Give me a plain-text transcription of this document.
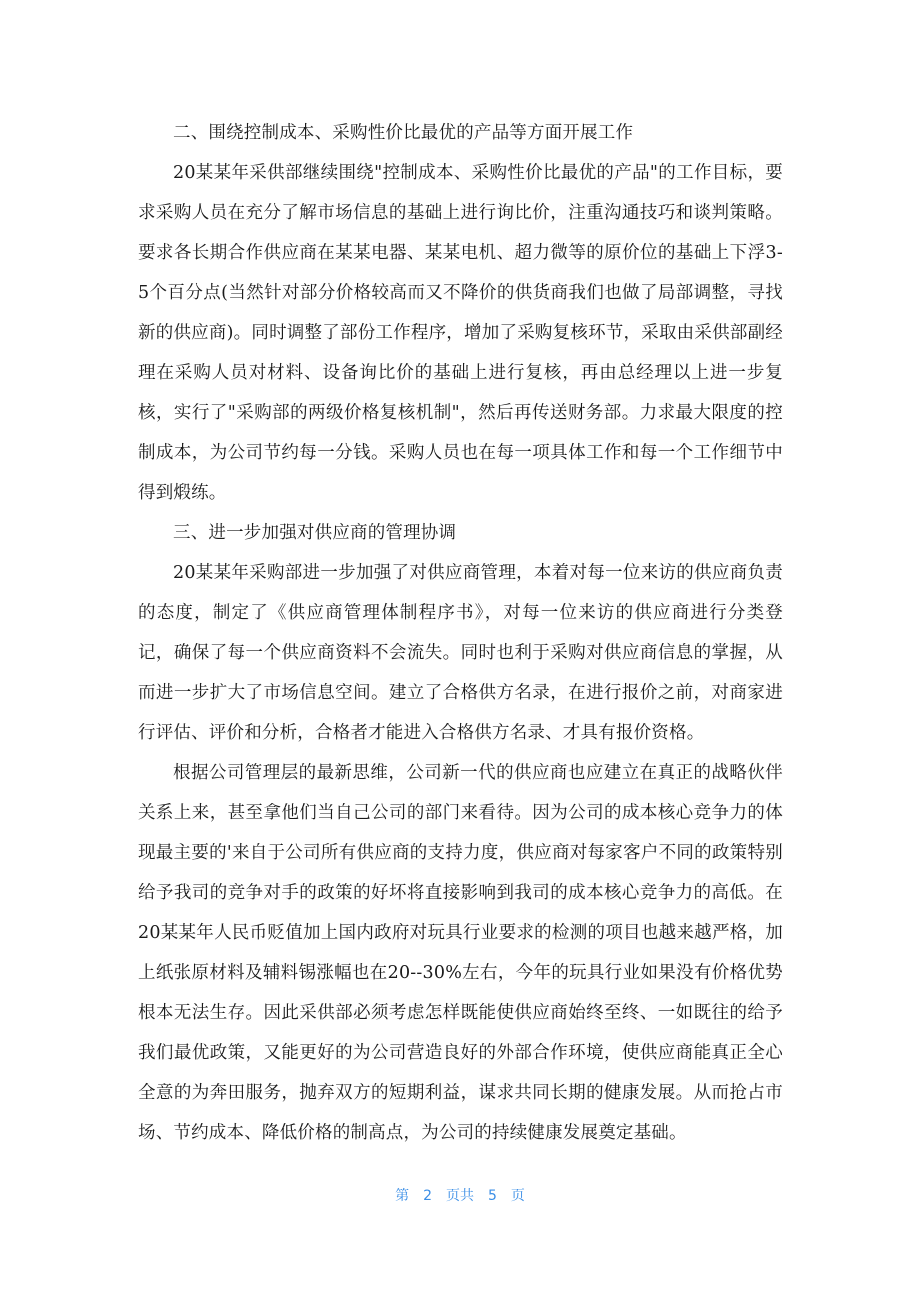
二、围绕控制成本、采购性价比最优的产品等方面开展工作

20某某年采供部继续围绕"控制成本、采购性价比最优的产品"的工作目标，要求采购人员在充分了解市场信息的基础上进行询比价，注重沟通技巧和谈判策略。要求各长期合作供应商在某某电器、某某电机、超力微等的原价位的基础上下浮3-5个百分点(当然针对部分价格较高而又不降价的供货商我们也做了局部调整，寻找新的供应商)。同时调整了部份工作程序，增加了采购复核环节，采取由采供部副经理在采购人员对材料、设备询比价的基础上进行复核，再由总经理以上进一步复核，实行了"采购部的两级价格复核机制"，然后再传送财务部。力求最大限度的控制成本，为公司节约每一分钱。采购人员也在每一项具体工作和每一个工作细节中得到煅练。

三、进一步加强对供应商的管理协调

20某某年采购部进一步加强了对供应商管理，本着对每一位来访的供应商负责的态度，制定了《供应商管理体制程序书》，对每一位来访的供应商进行分类登记，确保了每一个供应商资料不会流失。同时也利于采购对供应商信息的掌握，从而进一步扩大了市场信息空间。建立了合格供方名录，在进行报价之前，对商家进行评估、评价和分析，合格者才能进入合格供方名录、才具有报价资格。

根据公司管理层的最新思维，公司新一代的供应商也应建立在真正的战略伙伴关系上来，甚至拿他们当自己公司的部门来看待。因为公司的成本核心竞争力的体现最主要的'来自于公司所有供应商的支持力度，供应商对每家客户不同的政策特别给予我司的竞争对手的政策的好坏将直接影响到我司的成本核心竞争力的高低。在20某某年人民币贬值加上国内政府对玩具行业要求的检测的项目也越来越严格，加上纸张原材料及辅料锡涨幅也在20--30%左右，今年的玩具行业如果没有价格优势根本无法生存。因此采供部必须考虑怎样既能使供应商始终至终、一如既往的给予我们最优政策，又能更好的为公司营造良好的外部合作环境，使供应商能真正全心全意的为奔田服务，抛弃双方的短期利益，谋求共同长期的健康发展。从而抢占市场、节约成本、降低价格的制高点，为公司的持续健康发展奠定基础。

第 2 页共 5 页
